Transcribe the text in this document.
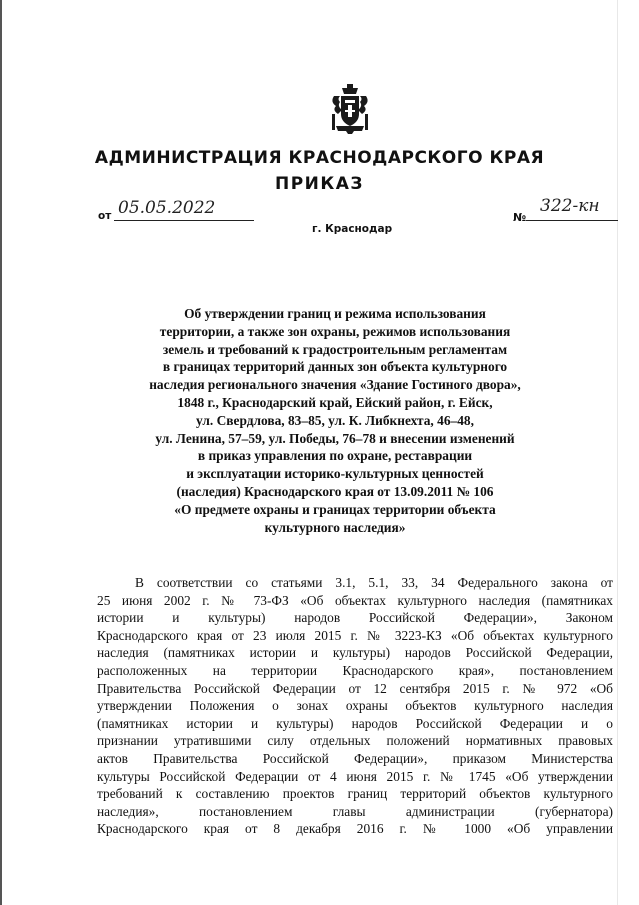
АДМИНИСТРАЦИЯ КРАСНОДАРСКОГО КРАЯ
ПРИКАЗ
от 05.05.2022
г. Краснодар
№
322-кн
Об утверждении границ и режима использования
территории, а также зон охраны, режимов использования
земель и требований к градостроительным регламентам
в границах территорий данных зон объекта культурного
наследия регионального значения «Здание Гостиного двора»,
1848 г., Краснодарский край, Ейский район, г. Ейск,
ул. Свердлова, 83–85, ул. К. Либкнехта, 46–48,
ул. Ленина, 57–59, ул. Победы, 76–78 и внесении изменений
в приказ управления по охране, реставрации
и эксплуатации историко-культурных ценностей
(наследия) Краснодарского края от 13.09.2011 № 106
«О предмете охраны и границах территории объекта
культурного наследия»
В соответствии со статьями 3.1, 5.1, 33, 34 Федерального закона от
25 июня 2002 г. № 73-ФЗ «Об объектах культурного наследия (памятниках
истории и культуры) народов Российской Федерации», Законом
Краснодарского края от 23 июля 2015 г. № 3223-КЗ «Об объектах культурного
наследия (памятниках истории и культуры) народов Российской Федерации,
расположенных на территории Краснодарского края», постановлением
Правительства Российской Федерации от 12 сентября 2015 г. № 972 «Об
утверждении Положения о зонах охраны объектов культурного наследия
(памятниках истории и культуры) народов Российской Федерации и о
признании утратившими силу отдельных положений нормативных правовых
актов Правительства Российской Федерации», приказом Министерства
культуры Российской Федерации от 4 июня 2015 г. № 1745 «Об утверждении
требований к составлению проектов границ территорий объектов культурного
наследия», постановлением главы администрации (губернатора)
Краснодарского края от 8 декабря 2016 г. № 1000 «Об управлении
